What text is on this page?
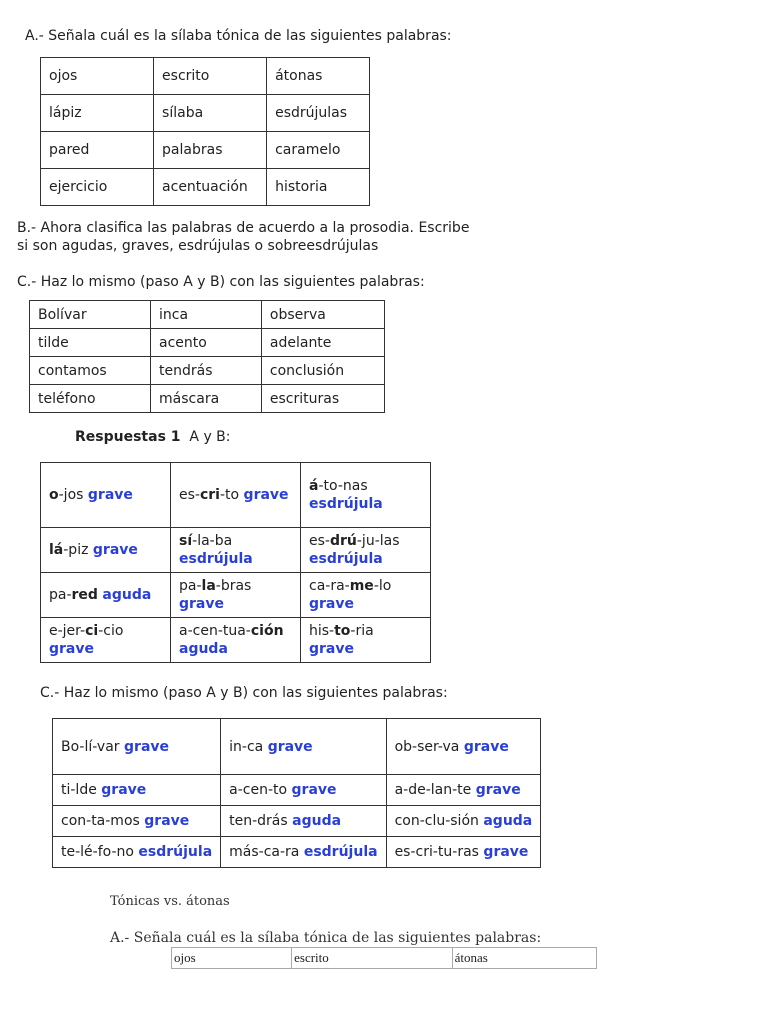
A.- Señala cuál es la sílaba tónica de las siguientes palabras:

ojos	escrito	átonas
lápiz	sílaba	esdrújulas
pared	palabras	caramelo
ejercicio	acentuación	historia

B.- Ahora clasifica las palabras de acuerdo a la prosodia. Escribe

si son agudas, graves, esdrújulas o sobreesdrújulas

C.- Haz lo mismo (paso A y B) con las siguientes palabras:

Bolívar	inca	observa
tilde	acento	adelante
contamos	tendrás	conclusión
teléfono	máscara	escrituras

Respuestas 1 A y B:

o-jos grave	es-cri-to grave	á-to-nas esdrújula
lá-piz grave	sí-la-ba esdrújula	es-drú-ju-las esdrújula
pa-red aguda	pa-la-bras grave	ca-ra-me-lo grave
e-jer-ci-cio grave	a-cen-tua-ción aguda	his-to-ria grave

C.- Haz lo mismo (paso A y B) con las siguientes palabras:

Bo-lí-var grave	in-ca grave	ob-ser-va grave
ti-lde grave	a-cen-to grave	a-de-lan-te grave
con-ta-mos grave	ten-drás aguda	con-clu-sión aguda
te-lé-fo-no esdrújula	más-ca-ra esdrújula	es-cri-tu-ras grave

Tónicas vs. átonas

A.- Señala cuál es la sílaba tónica de las siguientes palabras:

ojos	escrito	átonas
